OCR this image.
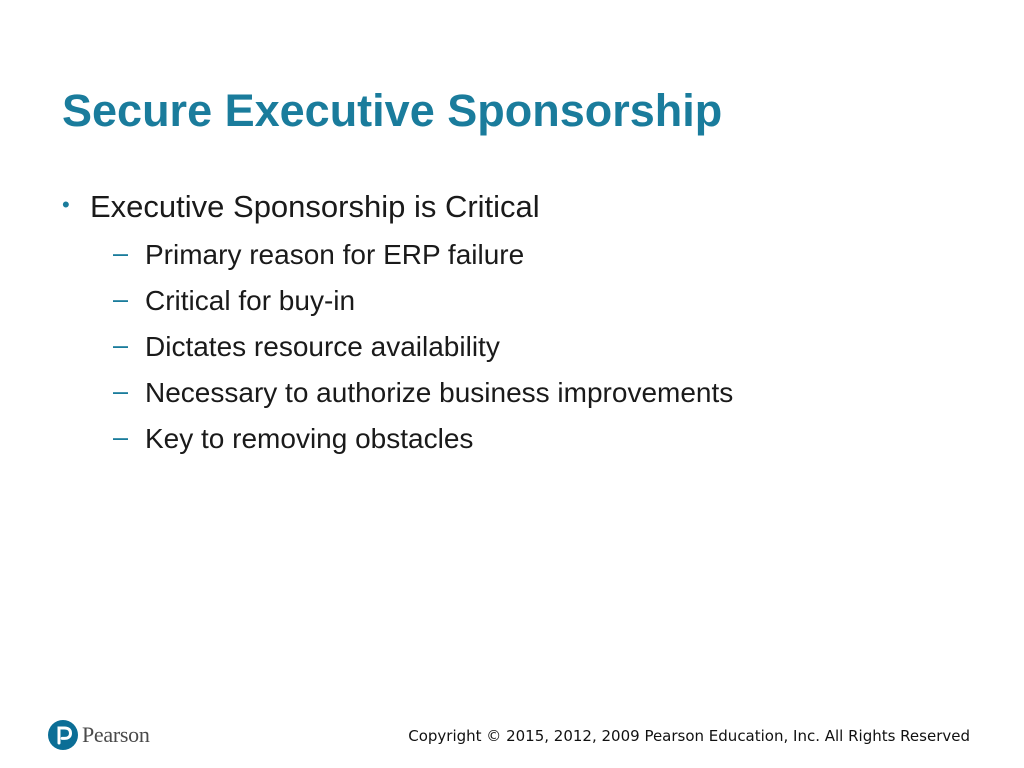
Secure Executive Sponsorship
• Executive Sponsorship is Critical
– Primary reason for ERP failure
– Critical for buy-in
– Dictates resource availability
– Necessary to authorize business improvements
– Key to removing obstacles
Pearson	Copyright © 2015, 2012, 2009 Pearson Education, Inc. All Rights Reserved
